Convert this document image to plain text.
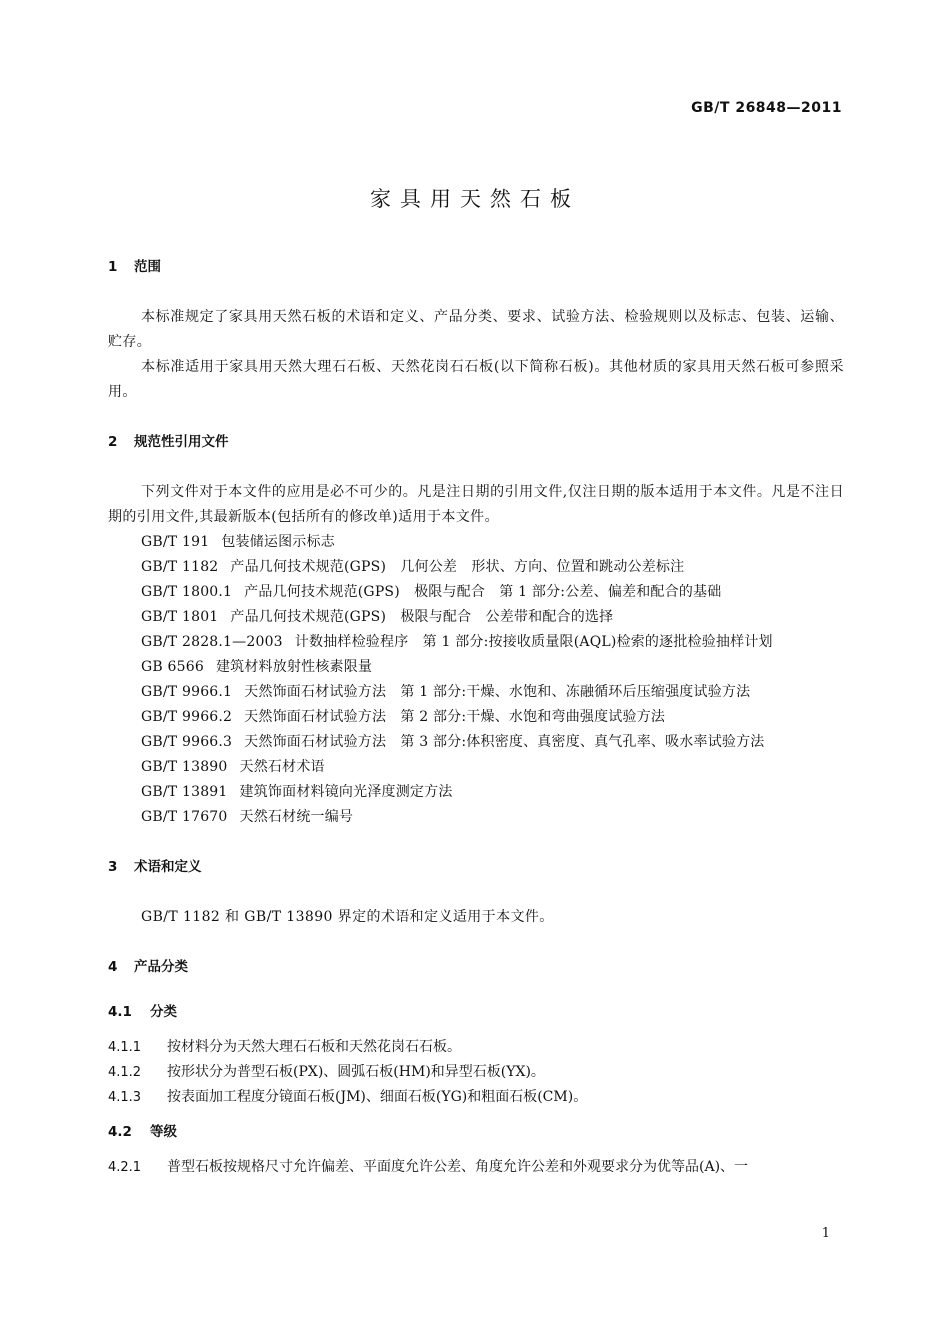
GB/T 26848—2011
家具用天然石板
1 范围

本标准规定了家具用天然石板的术语和定义、产品分类、要求、试验方法、检验规则以及标志、包装、运输、贮存。

本标准适用于家具用天然大理石石板、天然花岗石石板(以下简称石板)。其他材质的家具用天然石板可参照采用。

2 规范性引用文件

下列文件对于本文件的应用是必不可少的。凡是注日期的引用文件,仅注日期的版本适用于本文件。凡是不注日期的引用文件,其最新版本(包括所有的修改单)适用于本文件。

GB/T 191 包装储运图示标志

GB/T 1182 产品几何技术规范(GPS)　几何公差　形状、方向、位置和跳动公差标注

GB/T 1800.1 产品几何技术规范(GPS)　极限与配合　第 1 部分:公差、偏差和配合的基础

GB/T 1801 产品几何技术规范(GPS)　极限与配合　公差带和配合的选择

GB/T 2828.1—2003 计数抽样检验程序　第 1 部分:按接收质量限(AQL)检索的逐批检验抽样计划

GB 6566 建筑材料放射性核素限量

GB/T 9966.1 天然饰面石材试验方法　第 1 部分:干燥、水饱和、冻融循环后压缩强度试验方法

GB/T 9966.2 天然饰面石材试验方法　第 2 部分:干燥、水饱和弯曲强度试验方法

GB/T 9966.3 天然饰面石材试验方法　第 3 部分:体积密度、真密度、真气孔率、吸水率试验方法

GB/T 13890 天然石材术语

GB/T 13891 建筑饰面材料镜向光泽度测定方法

GB/T 17670 天然石材统一编号

3 术语和定义

GB/T 1182 和 GB/T 13890 界定的术语和定义适用于本文件。

4 产品分类
4.1 分类

4.1.1 按材料分为天然大理石石板和天然花岗石石板。

4.1.2 按形状分为普型石板(PX)、圆弧石板(HM)和异型石板(YX)。

4.1.3 按表面加工程度分镜面石板(JM)、细面石板(YG)和粗面石板(CM)。

4.2 等级

4.2.1 普型石板按规格尺寸允许偏差、平面度允许公差、角度允许公差和外观要求分为优等品(A)、一

1
